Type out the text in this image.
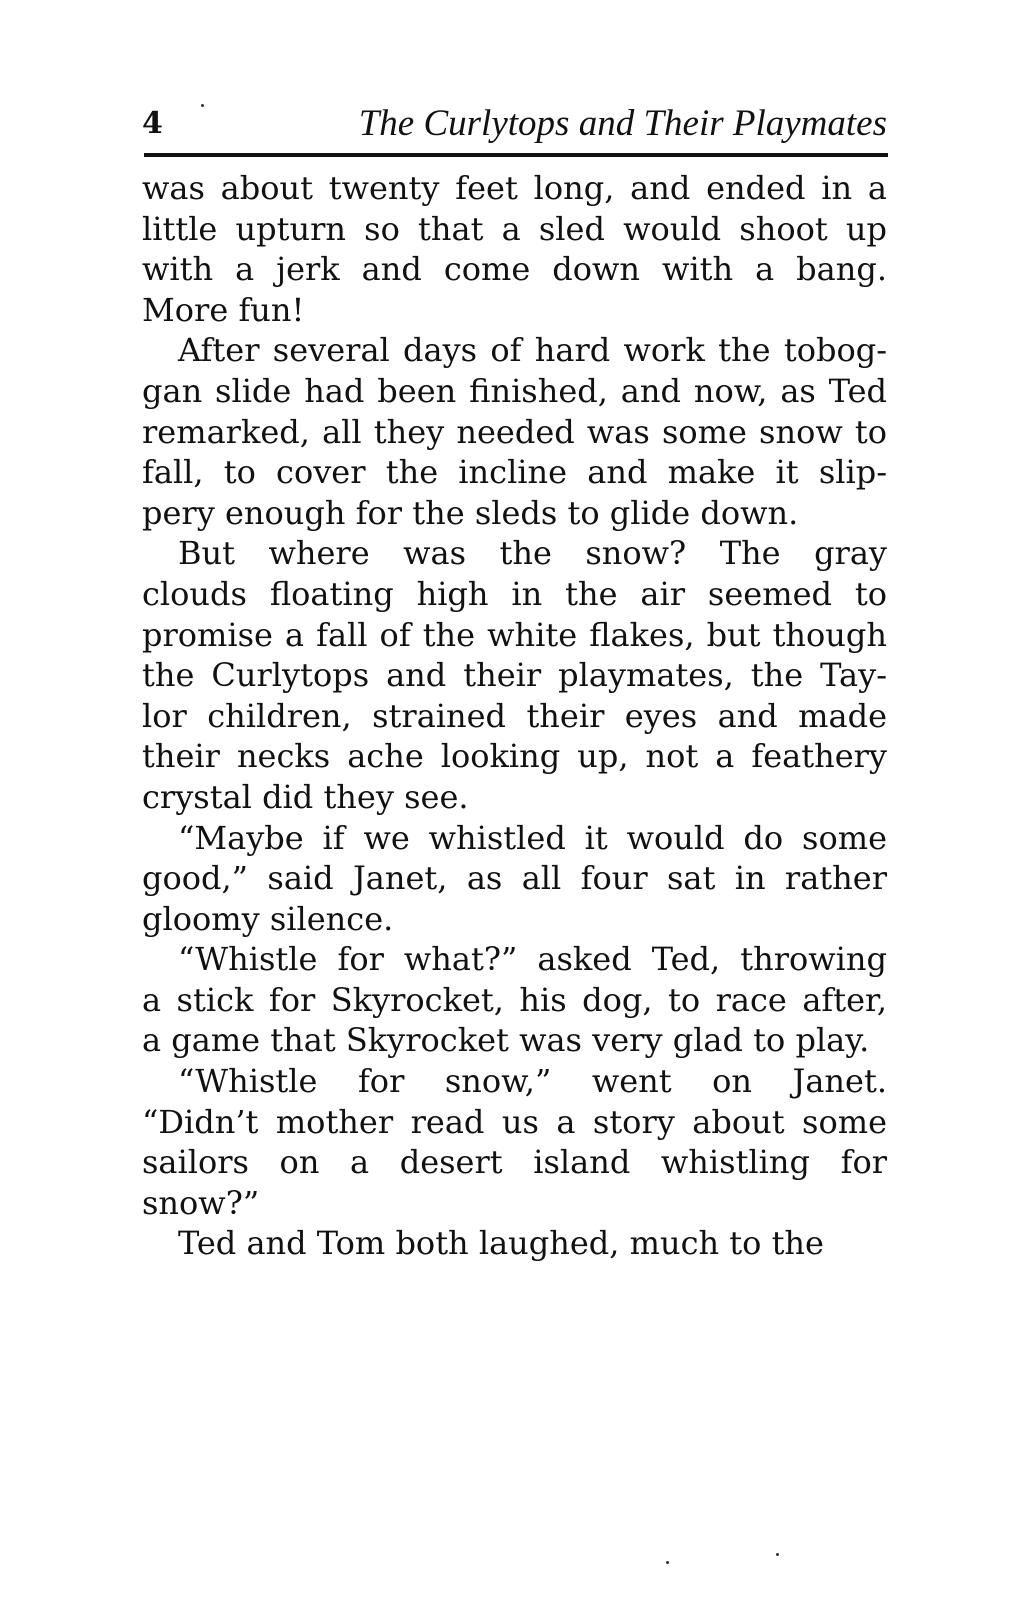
4	The Curlytops and Their Playmates
was about twenty feet long, and ended in a
little upturn so that a sled would shoot up
with a jerk and come down with a bang.
More fun!
After several days of hard work the tobog-
gan slide had been finished, and now, as Ted
remarked, all they needed was some snow to
fall, to cover the incline and make it slip-
pery enough for the sleds to glide down.
But where was the snow? The gray
clouds floating high in the air seemed to
promise a fall of the white flakes, but though
the Curlytops and their playmates, the Tay-
lor children, strained their eyes and made
their necks ache looking up, not a feathery
crystal did they see.
“Maybe if we whistled it would do some
good,” said Janet, as all four sat in rather
gloomy silence.
“Whistle for what?” asked Ted, throwing
a stick for Skyrocket, his dog, to race after,
a game that Skyrocket was very glad to play.
“Whistle for snow,” went on Janet.
“Didn’t mother read us a story about some
sailors on a desert island whistling for
snow?”
Ted and Tom both laughed, much to the
